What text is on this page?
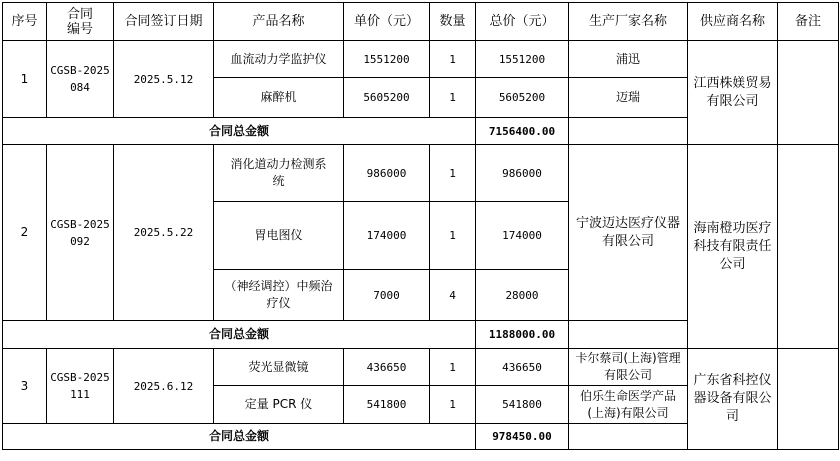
序号	合同编号	合同签订日期	产品名称	单价（元）	数量	总价（元）	生产厂家名称	供应商名称	备注
1	CGSB-2025084	2025.5.12	血流动力学监护仪	1551200	1	1551200	浦迅	江西株媄贸易有限公司	
			麻醉机	5605200	1	5605200	迈瑞		
合同总金额						7156400.00			
2	CGSB-2025092	2025.5.22	消化道动力检测系统	986000	1	986000	宁波迈达医疗仪器有限公司	海南橙功医疗科技有限责任公司	
			胃电图仪	174000	1	174000			
			（神经调控）中频治疗仪	7000	4	28000			
合同总金额						1188000.00			
3	CGSB-2025111	2025.6.12	荧光显微镜	436650	1	436650	卡尔蔡司(上海)管理有限公司	广东省科控仪器设备有限公司	
			定量 PCR 仪	541800	1	541800	伯乐生命医学产品(上海)有限公司		
合同总金额						978450.00			
